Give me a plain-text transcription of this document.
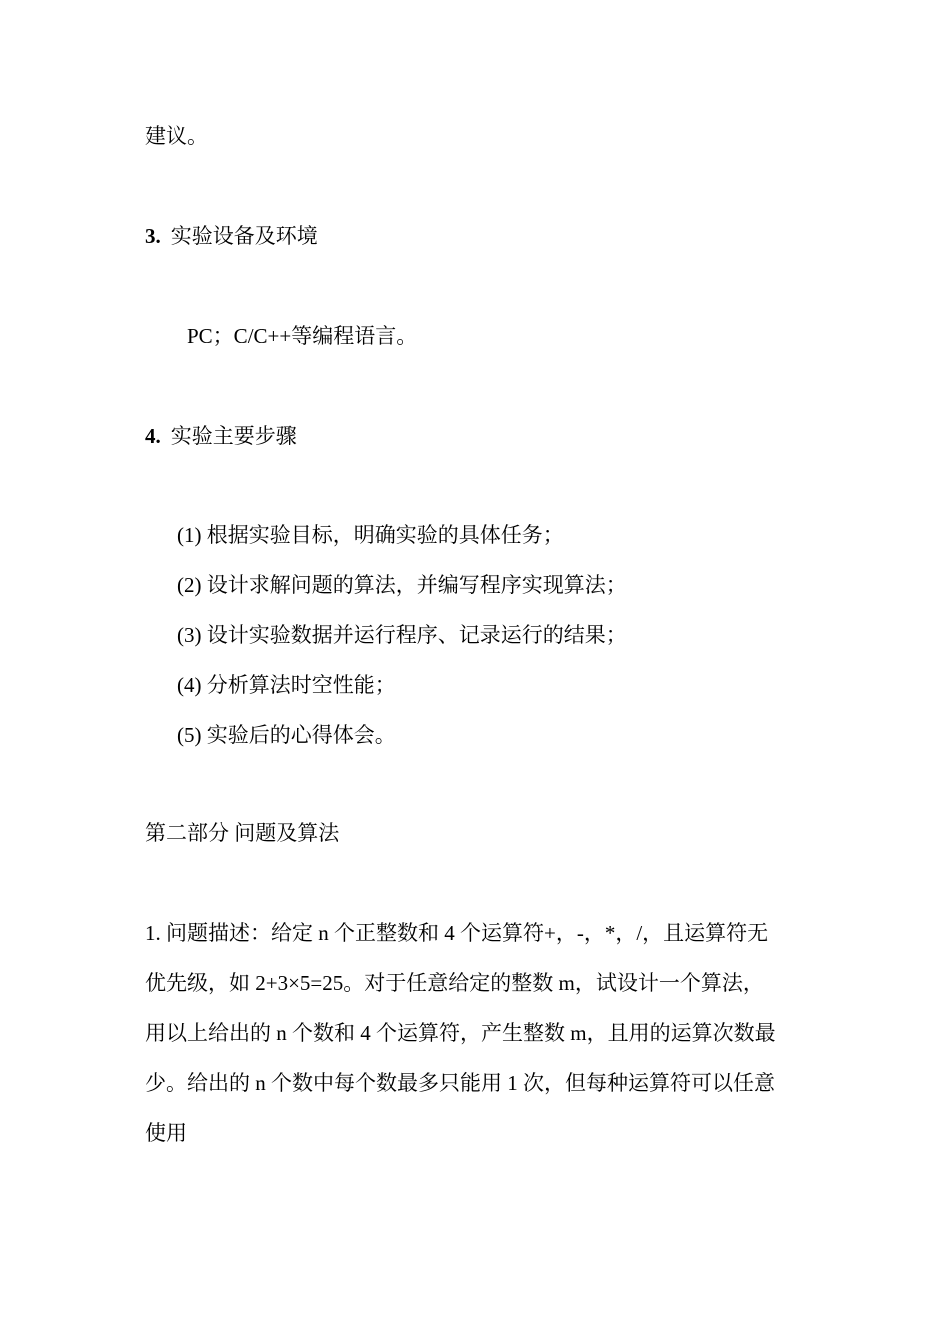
建议。
3. 实验设备及环境
PC；C/C++等编程语言。
4. 实验主要步骤
(1) 根据实验目标，明确实验的具体任务；
(2) 设计求解问题的算法，并编写程序实现算法；
(3) 设计实验数据并运行程序、记录运行的结果；
(4) 分析算法时空性能；
(5) 实验后的心得体会。
第二部分 问题及算法
1. 问题描述：给定 n 个正整数和 4 个运算符+，-，*，/，且运算符无
优先级，如 2+3×5=25。对于任意给定的整数 m，试设计一个算法，
用以上给出的 n 个数和 4 个运算符，产生整数 m，且用的运算次数最
少。给出的 n 个数中每个数最多只能用 1 次，但每种运算符可以任意
使用
